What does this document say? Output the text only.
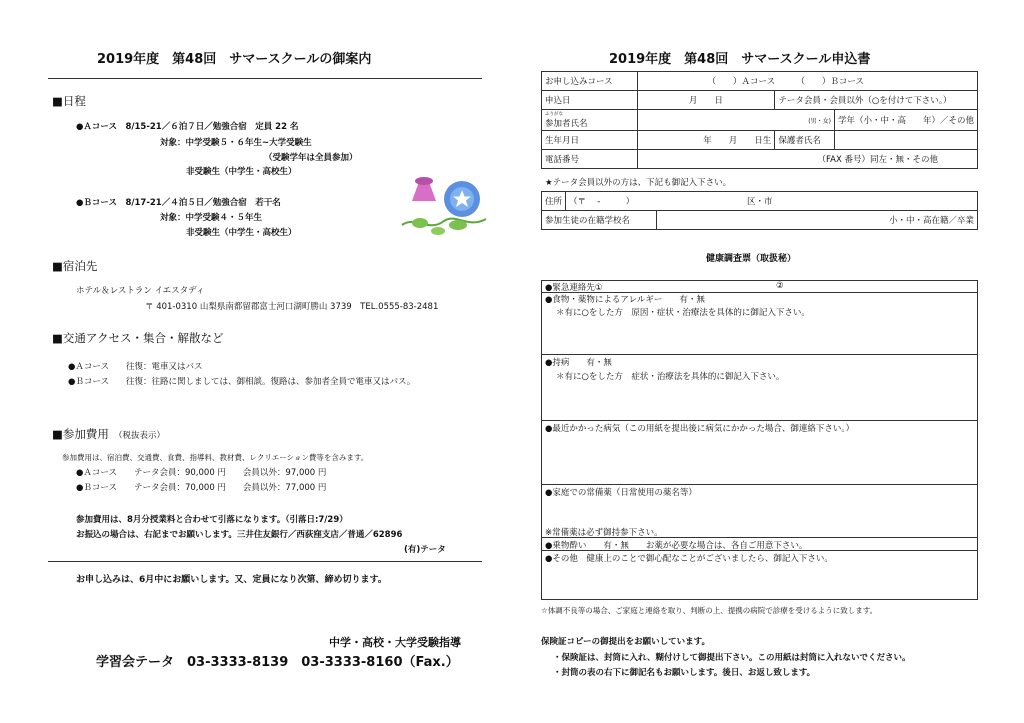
2019年度　第48回　サマースクールの御案内
■日程
●Ａコース　8/15-21／６泊７日／勉強合宿　定員 22 名
対象：中学受験５・６年生~大学受験生
（受験学年は全員参加）
非受験生（中学生・高校生）
●Ｂコース　8/17-21／４泊５日／勉強合宿　若干名
対象：中学受験４・５年生
非受験生（中学生・高校生）
■宿泊先
ホテル＆レストラン イエスタディ
〒 401-0310 山梨県南都留郡富士河口湖町勝山 3739　TEL.0555-83-2481
■交通アクセス・集合・解散など
●Ａコース　　往復：電車又はバス
●Ｂコース　　往復：往路に関しましては、御相談。復路は、参加者全員で電車又はバス。
■参加費用 （税抜表示）
参加費用は、宿泊費、交通費、食費、指導料、教材費、レクリエーション費等を含みます。
●Ａコース　　テータ会員：90,000 円　　会員以外：97,000 円
●Ｂコース　　テータ会員：70,000 円　　会員以外：77,000 円
参加費用は、8月分授業料と合わせて引落になります。（引落日:7/29）
お振込の場合は、右記までお願いします。三井住友銀行／西荻窪支店／普通／62896
(有)テータ
お申し込みは、6月中にお願いします。又、定員になり次第、締め切ります。
中学・高校・大学受験指導
学習会テータ　03-3333-8139　03-3333-8160（Fax.）
2019年度　第48回　サマースクール申込書
お申し込みコース	（　　）Ａコース　　　（　　）Ｂコース		
申込日	月　　日	テータ会員・会員以外（○を付けて下さい。）	

ふりがな
参加者氏名	(男・女)		学年（小・中・高　　年）／その他
生年月日	年　　月　　日生	保護者氏名	
電話番号	（FAX 番号）同左・無・その他		
★テータ会員以外の方は、下記も御記入下さい。
住所	（〒　 -　　　） 区・市	
参加生徒の在籍学校名		小・中・高在籍／卒業
健康調査票（取扱秘）
●緊急連絡先①	②
●食物・薬物によるアレルギー　　有・無
＊有に○をした方　原因・症状・治療法を具体的に御記入下さい。
●持病　　有・無
＊有に○をした方　症状・治療法を具体的に御記入下さい。
●最近かかった病気（この用紙を提出後に病気にかかった場合、御連絡下さい。）
●家庭での常備薬（日常使用の薬名等）
※常備薬は必ず御持参下さい。
●乗物酔い　　有・無　　お薬が必要な場合は、各自ご用意下さい。
●その他　健康上のことで御心配なことがございましたら、御記入下さい。
☆体調不良等の場合、ご家庭と連絡を取り、判断の上、提携の病院で診療を受けるように致します。
保険証コピーの御提出をお願いしています。
・保険証は、封筒に入れ、糊付けして御提出下さい。この用紙は封筒に入れないでください。
・封筒の表の右下に御記名もお願いします。後日、お返し致します。
